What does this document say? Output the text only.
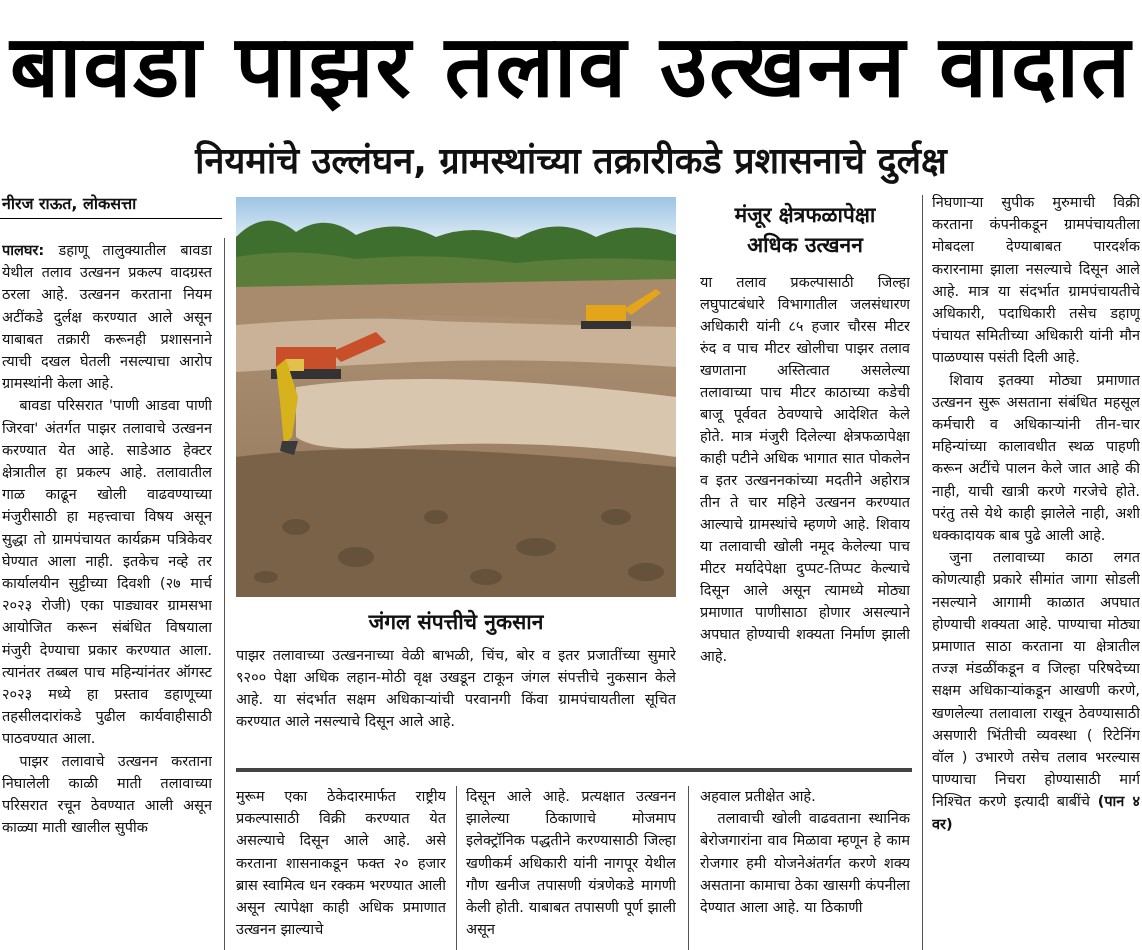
बावडा पाझर तलाव उत्खनन वादात
नियमांचे उल्लंघन, ग्रामस्थांच्या तक्रारीकडे प्रशासनाचे दुर्लक्ष
नीरज राऊत, लोकसत्ता

पालघर: डहाणू तालुक्यातील बावडा येथील तलाव उत्खनन प्रकल्प वादग्रस्त ठरला आहे. उत्खनन करताना नियम अटींकडे दुर्लक्ष करण्यात आले असून याबाबत तक्रारी करूनही प्रशासनाने त्याची दखल घेतली नसल्याचा आरोप ग्रामस्थांनी केला आहे.

बावडा परिसरात 'पाणी आडवा पाणी जिरवा' अंतर्गत पाझर तलावाचे उत्खनन करण्यात येत आहे. साडेआठ हेक्टर क्षेत्रातील हा प्रकल्प आहे. तलावातील गाळ काढून खोली वाढवण्याच्या मंजुरीसाठी हा महत्त्वाचा विषय असून सुद्धा तो ग्रामपंचायत कार्यक्रम पत्रिकेवर घेण्यात आला नाही. इतकेच नव्हे तर कार्यालयीन सुट्टीच्या दिवशी (२७ मार्च २०२३ रोजी) एका पाड्यावर ग्रामसभा आयोजित करून संबंधित विषयाला मंजुरी देण्याचा प्रकार करण्यात आला. त्यानंतर तब्बल पाच महिन्यांनंतर ऑगस्ट २०२३ मध्ये हा प्रस्ताव डहाणूच्या तहसीलदारांकडे पुढील कार्यवाहीसाठी पाठवण्यात आला.

पाझर तलावाचे उत्खनन करताना निघालेली काळी माती तलावाच्या परिसरात रचून ठेवण्यात आली असून काळ्या माती खालील सुपीक

जंगल संपत्तीचे नुकसान
पाझर तलावाच्या उत्खननाच्या वेळी बाभळी, चिंच, बोर व इतर प्रजातींच्या सुमारे ९२०० पेक्षा अधिक लहान-मोठी वृक्ष उखडून टाकून जंगल संपत्तीचे नुकसान केले आहे. या संदर्भात सक्षम अधिकाऱ्यांची परवानगी किंवा ग्रामपंचायतीला सूचित करण्यात आले नसल्याचे दिसून आले आहे.
मंजूर क्षेत्रफळापेक्षा
अधिक उत्खनन
या तलाव प्रकल्पासाठी जिल्हा लघुपाटबंधारे विभागातील जलसंधारण अधिकारी यांनी ८५ हजार चौरस मीटर रुंद व पाच मीटर खोलीचा पाझर तलाव खणताना अस्तित्वात असलेल्या तलावाच्या पाच मीटर काठाच्या कडेची बाजू पूर्ववत ठेवण्याचे आदेशित केले होते. मात्र मंजुरी दिलेल्या क्षेत्रफळापेक्षा काही पटीने अधिक भागात सात पोकलेन व इतर उत्खननकांच्या मदतीने अहोरात्र तीन ते चार महिने उत्खनन करण्यात आल्याचे ग्रामस्थांचे म्हणणे आहे. शिवाय या तलावाची खोली नमूद केलेल्या पाच मीटर मर्यादेपेक्षा दुप्पट-तिप्पट केल्याचे दिसून आले असून त्यामध्ये मोठ्या प्रमाणात पाणीसाठा होणार असल्याने अपघात होण्याची शक्यता निर्माण झाली आहे.

निघणाऱ्या सुपीक मुरुमाची विक्री करताना कंपनीकडून ग्रामपंचायतीला मोबदला देण्याबाबत पारदर्शक करारनामा झाला नसल्याचे दिसून आले आहे. मात्र या संदर्भात ग्रामपंचायतीचे अधिकारी, पदाधिकारी तसेच डहाणू पंचायत समितीच्या अधिकारी यांनी मौन पाळण्यास पसंती दिली आहे.

शिवाय इतक्या मोठ्या प्रमाणात उत्खनन सुरू असताना संबंधित महसूल कर्मचारी व अधिकाऱ्यांनी तीन-चार महिन्यांच्या कालावधीत स्थळ पाहणी करून अटींचे पालन केले जात आहे की नाही, याची खात्री करणे गरजेचे होते. परंतु तसे येथे काही झालेले नाही, अशी धक्कादायक बाब पुढे आली आहे.

जुना तलावाच्या काठा लगत कोणत्याही प्रकारे सीमांत जागा सोडली नसल्याने आगामी काळात अपघात होण्याची शक्यता आहे. पाण्याचा मोठ्या प्रमाणात साठा करताना या क्षेत्रातील तज्ज्ञ मंडळींकडून व जिल्हा परिषदेच्या सक्षम अधिकाऱ्यांकडून आखणी करणे, खणलेल्या तलावाला राखून ठेवण्यासाठी असणारी भिंतीची व्यवस्था ( रिटेनिंग वॉल ) उभारणे तसेच तलाव भरल्यास पाण्याचा निचरा होण्यासाठी मार्ग निश्चित करणे इत्यादी बाबींचे (पान ४ वर)

मुरूम एका ठेकेदारमार्फत राष्ट्रीय प्रकल्पासाठी विक्री करण्यात येत असल्याचे दिसून आले आहे. असे करताना शासनाकडून फक्त २० हजार ब्रास स्वामित्व धन रक्कम भरण्यात आली असून त्यापेक्षा काही अधिक प्रमाणात उत्खनन झाल्याचे

दिसून आले आहे. प्रत्यक्षात उत्खनन झालेल्या ठिकाणाचे मोजमाप इलेक्ट्रॉनिक पद्धतीने करण्यासाठी जिल्हा खणीकर्म अधिकारी यांनी नागपूर येथील गौण खनीज तपासणी यंत्रणेकडे मागणी केली होती. याबाबत तपासणी पूर्ण झाली असून

अहवाल प्रतीक्षेत आहे.

तलावाची खोली वाढवताना स्थानिक बेरोजगारांना वाव मिळावा म्हणून हे काम रोजगार हमी योजनेअंतर्गत करणे शक्य असताना कामाचा ठेका खासगी कंपनीला देण्यात आला आहे. या ठिकाणी
